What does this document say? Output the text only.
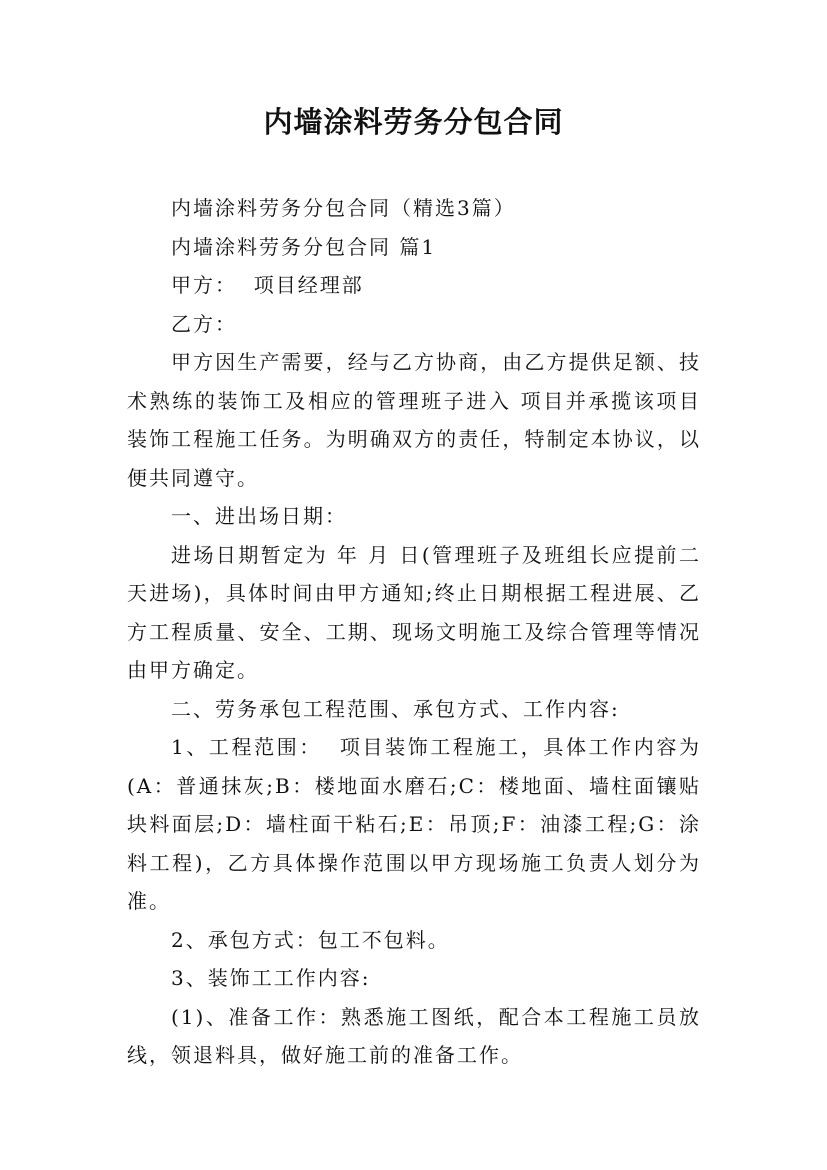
内墙涂料劳务分包合同

内墙涂料劳务分包合同（精选3篇）

内墙涂料劳务分包合同 篇1

甲方：  项目经理部

乙方：

甲方因生产需要，经与乙方协商，由乙方提供足额、技术熟练的装饰工及相应的管理班子进入 项目并承揽该项目装饰工程施工任务。为明确双方的责任，特制定本协议，以便共同遵守。

一、进出场日期：

进场日期暂定为 年 月 日(管理班子及班组长应提前二天进场)，具体时间由甲方通知;终止日期根据工程进展、乙方工程质量、安全、工期、现场文明施工及综合管理等情况由甲方确定。

二、劳务承包工程范围、承包方式、工作内容:

1、工程范围：  项目装饰工程施工，具体工作内容为(A：普通抹灰;B：楼地面水磨石;C：楼地面、墙柱面镶贴块料面层;D：墙柱面干粘石;E：吊顶;F：油漆工程;G：涂料工程)，乙方具体操作范围以甲方现场施工负责人划分为准。

2、承包方式：包工不包料。

3、装饰工工作内容:

(1)、准备工作：熟悉施工图纸，配合本工程施工员放线，领退料具，做好施工前的准备工作。
